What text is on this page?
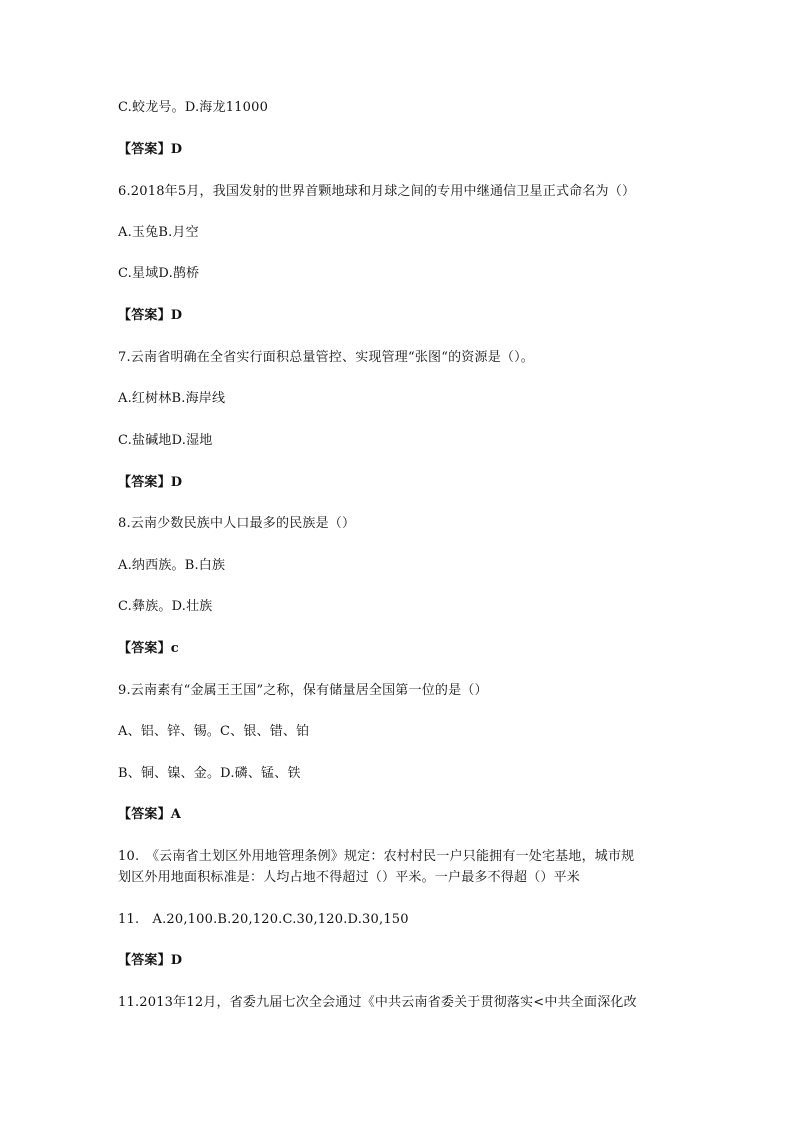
C.蛟龙号。D.海龙11000
【答案】D
6.2018年5月，我国发射的世界首颗地球和月球之间的专用中继通信卫星正式命名为（）
A.玉兔B.月空
C.星域D.鹊桥
【答案】D
7.云南省明确在全省实行面积总量管控、实现管理“张图“的资源是（）。
A.红树林B.海岸线
C.盐碱地D.湿地
【答案】D
8.云南少数民族中人口最多的民族是（）
A.纳西族。B.白族
C.彝族。D.壮族
【答案】c
9.云南素有“金属王王国”之称，保有储量居全国第一位的是（）
A、铝、锌、锡。C、银、错、铂
B、铜、镍、金。D.磷、锰、铁
【答案】A
10.　《云南省土划区外用地管理条例》规定：农村村民一户只能拥有一处宅基地，城市规
划区外用地面积标准是：人均占地不得超过（）平米。一户最多不得超（）平米
11.　A.20,100.B.20,120.C.30,120.D.30,150
【答案】D
11.2013年12月，省委九届七次全会通过《中共云南省委关于贯彻落实<中共全面深化改
